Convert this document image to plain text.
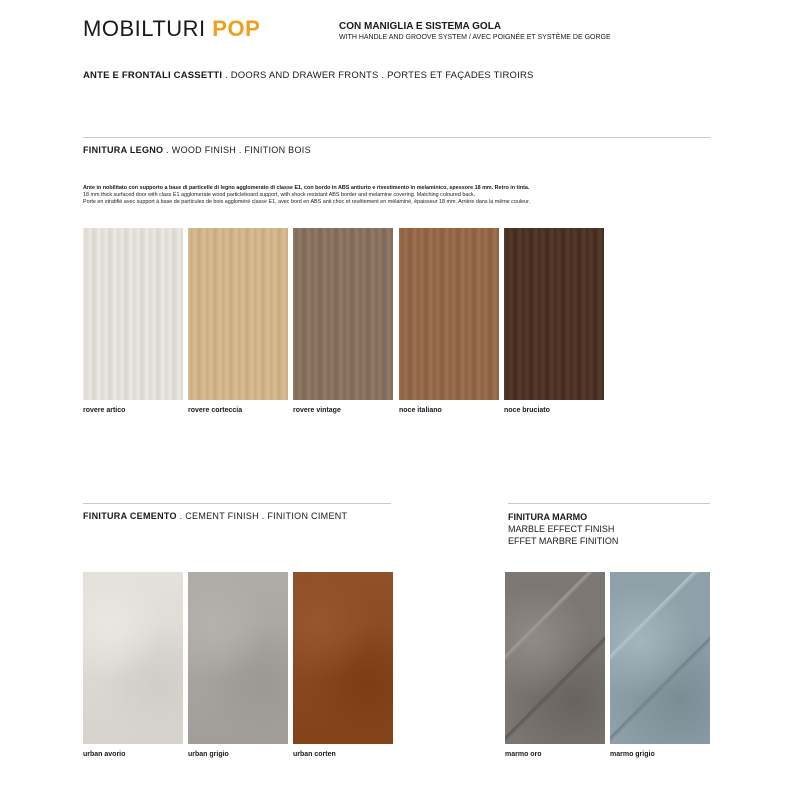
MOBILTURI POP	CON MANIGLIA E SISTEMA GOLA
WITH HANDLE AND GROOVE SYSTEM / AVEC POIGNÉE ET SYSTÈME DE GORGE
ANTE E FRONTALI CASSETTI . DOORS AND DRAWER FRONTS . PORTES ET FAÇADES TIROIRS
FINITURA LEGNO . WOOD FINISH . FINITION BOIS

Ante in nobilitato con supporto a base di particelle di legno agglomerato di classe E1, con bordo in ABS antiurto e rivestimento in melaminico, spessore 18 mm. Retro in tinta.

18 mm thick surfaced door with class E1 agglomerate wood particleboard support, with shock resistant ABS border and melamine covering. Matching coloured back.

Porte en stratifié avec support à base de particules de bois aggloméré classe E1, avec bord en ABS anti choc et revêtement en mélaminé, épaisseur 18 mm. Arrière dans la même couleur.

rovere artico	rovere corteccia	rovere vintage	noce italiano	noce bruciato
FINITURA CEMENTO . CEMENT FINISH . FINITION CIMENT
urban avorio	urban grigio	urban corten
FINITURA MARMO
MARBLE EFFECT FINISH
EFFET MARBRE FINITION
marmo oro	marmo grigio
